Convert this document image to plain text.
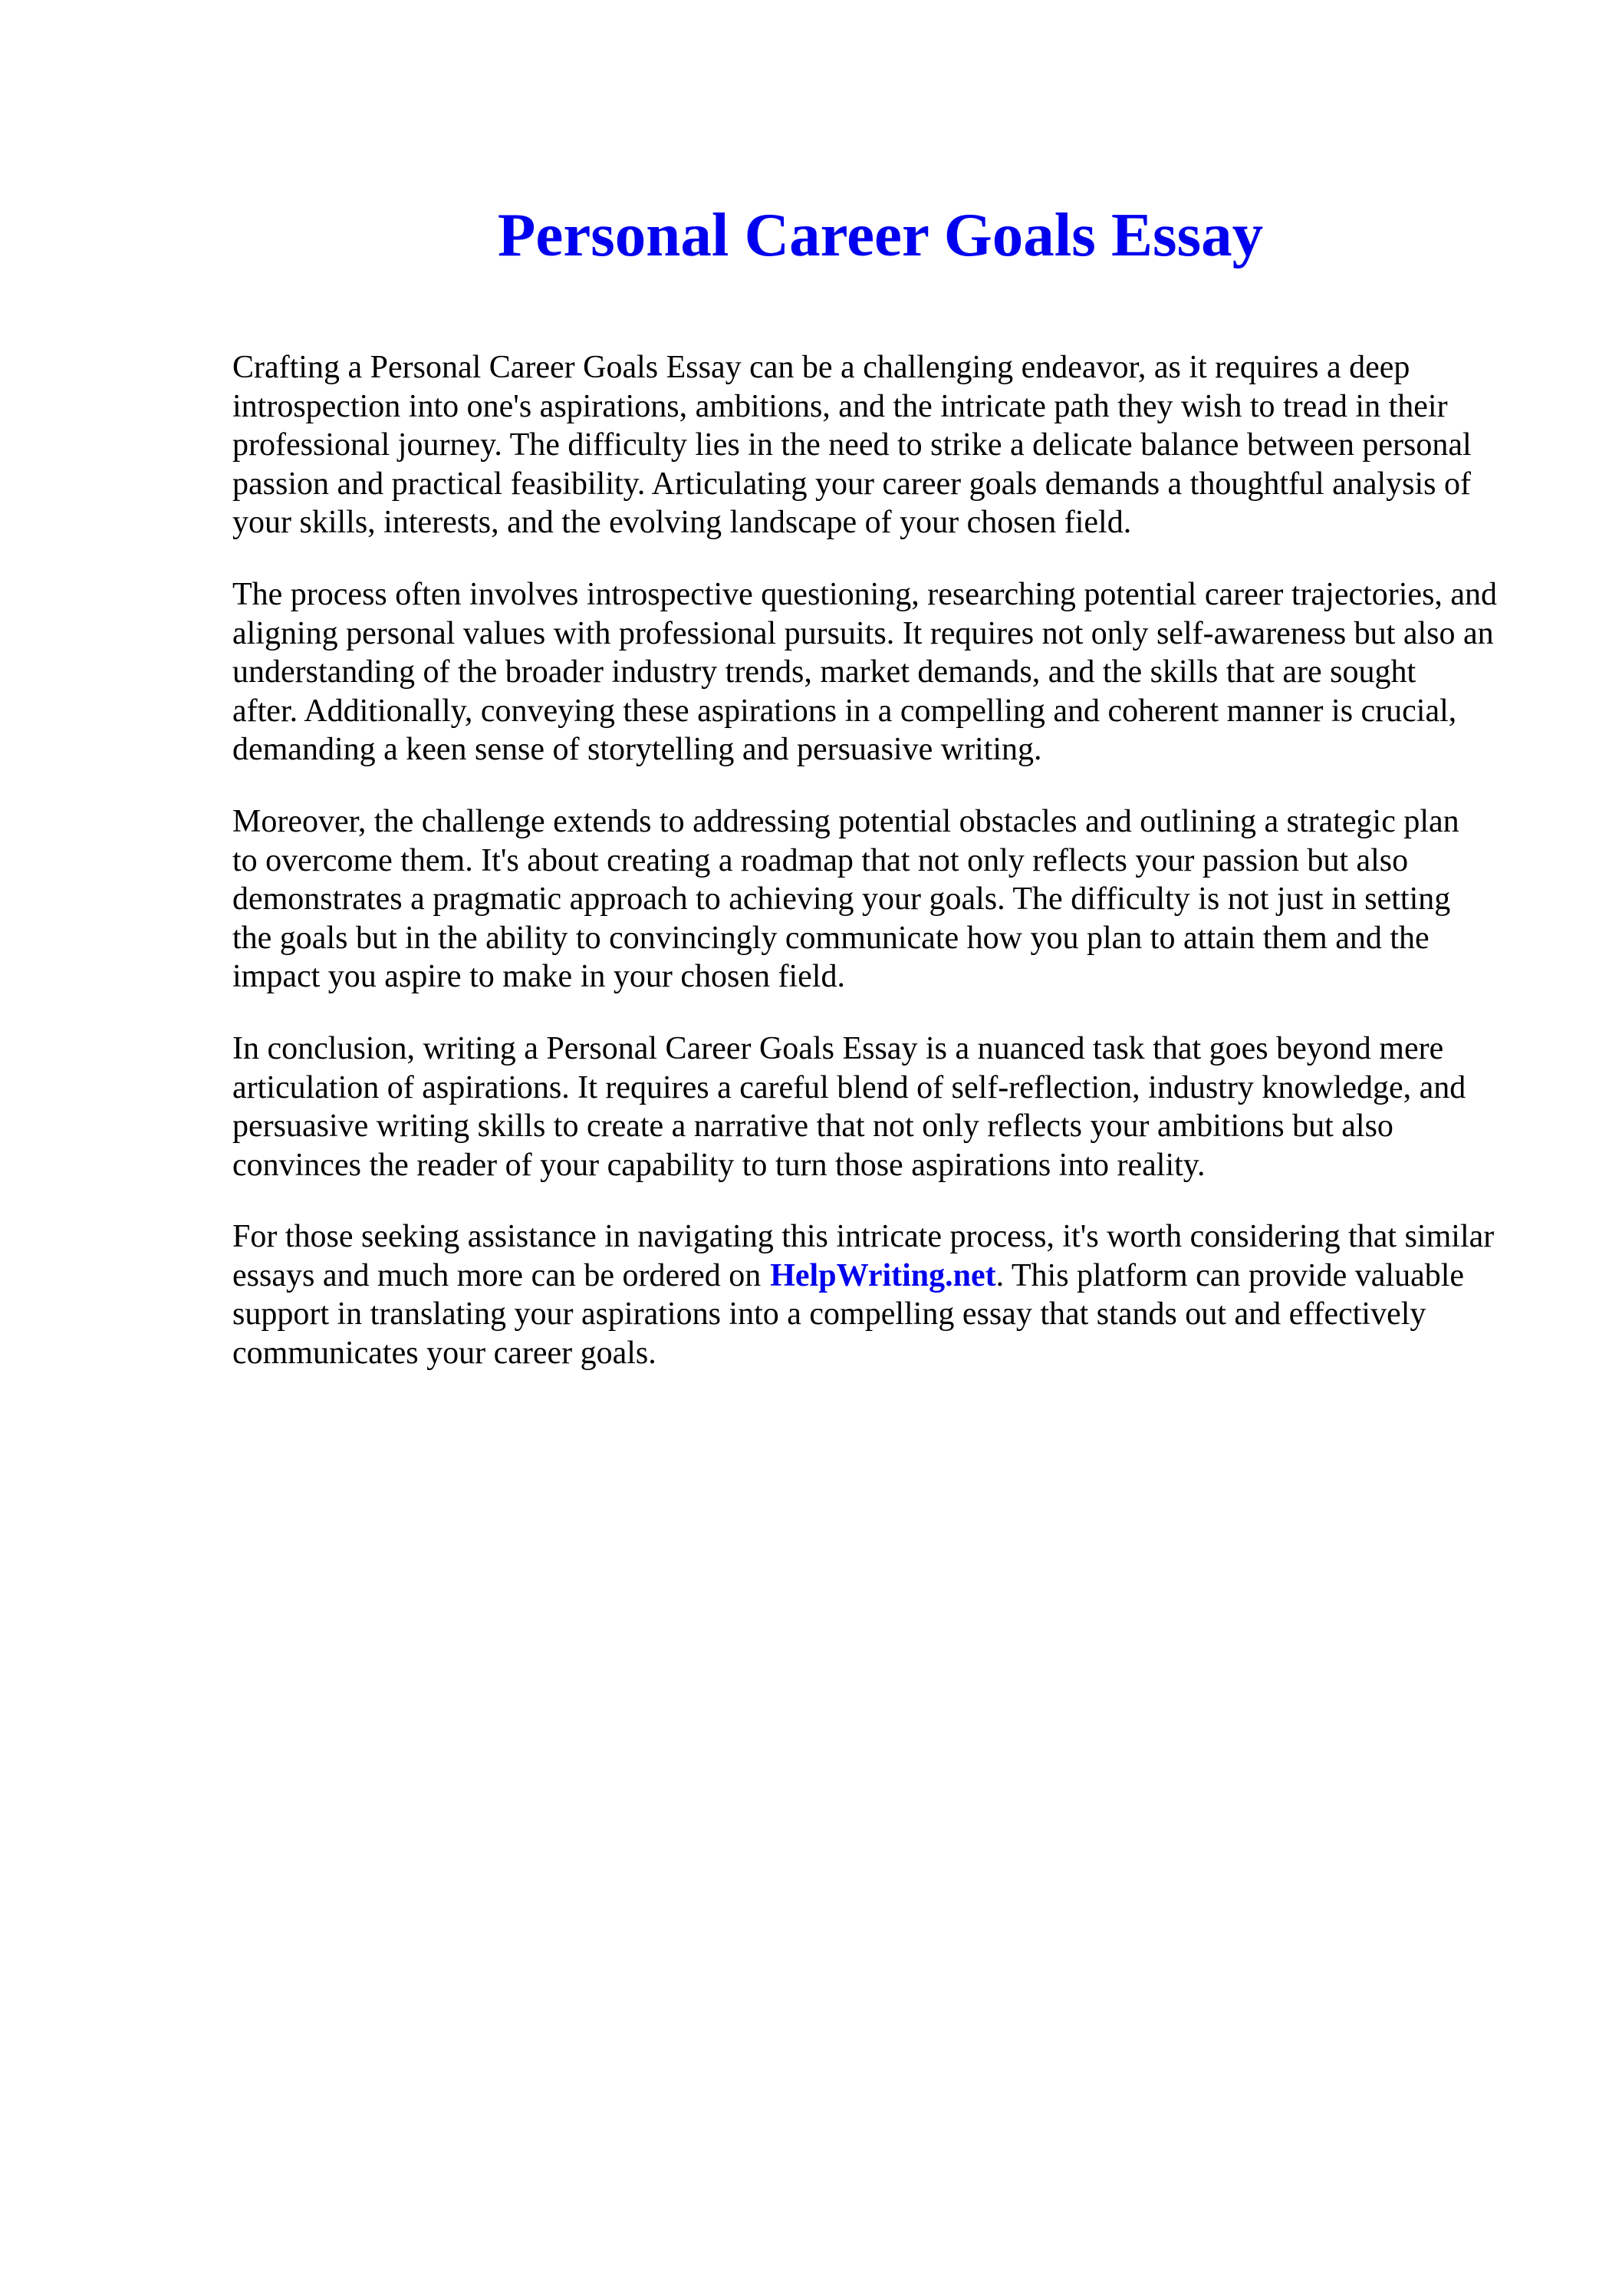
Personal Career Goals Essay

Crafting a Personal Career Goals Essay can be a challenging endeavor, as it requires a deep
introspection into one's aspirations, ambitions, and the intricate path they wish to tread in their
professional journey. The difficulty lies in the need to strike a delicate balance between personal
passion and practical feasibility. Articulating your career goals demands a thoughtful analysis of
your skills, interests, and the evolving landscape of your chosen field.

The process often involves introspective questioning, researching potential career trajectories, and
aligning personal values with professional pursuits. It requires not only self-awareness but also an
understanding of the broader industry trends, market demands, and the skills that are sought
after. Additionally, conveying these aspirations in a compelling and coherent manner is crucial,
demanding a keen sense of storytelling and persuasive writing.

Moreover, the challenge extends to addressing potential obstacles and outlining a strategic plan
to overcome them. It's about creating a roadmap that not only reflects your passion but also
demonstrates a pragmatic approach to achieving your goals. The difficulty is not just in setting
the goals but in the ability to convincingly communicate how you plan to attain them and the
impact you aspire to make in your chosen field.

In conclusion, writing a Personal Career Goals Essay is a nuanced task that goes beyond mere
articulation of aspirations. It requires a careful blend of self-reflection, industry knowledge, and
persuasive writing skills to create a narrative that not only reflects your ambitions but also
convinces the reader of your capability to turn those aspirations into reality.

For those seeking assistance in navigating this intricate process, it's worth considering that similar
essays and much more can be ordered on HelpWriting.net. This platform can provide valuable
support in translating your aspirations into a compelling essay that stands out and effectively
communicates your career goals.
